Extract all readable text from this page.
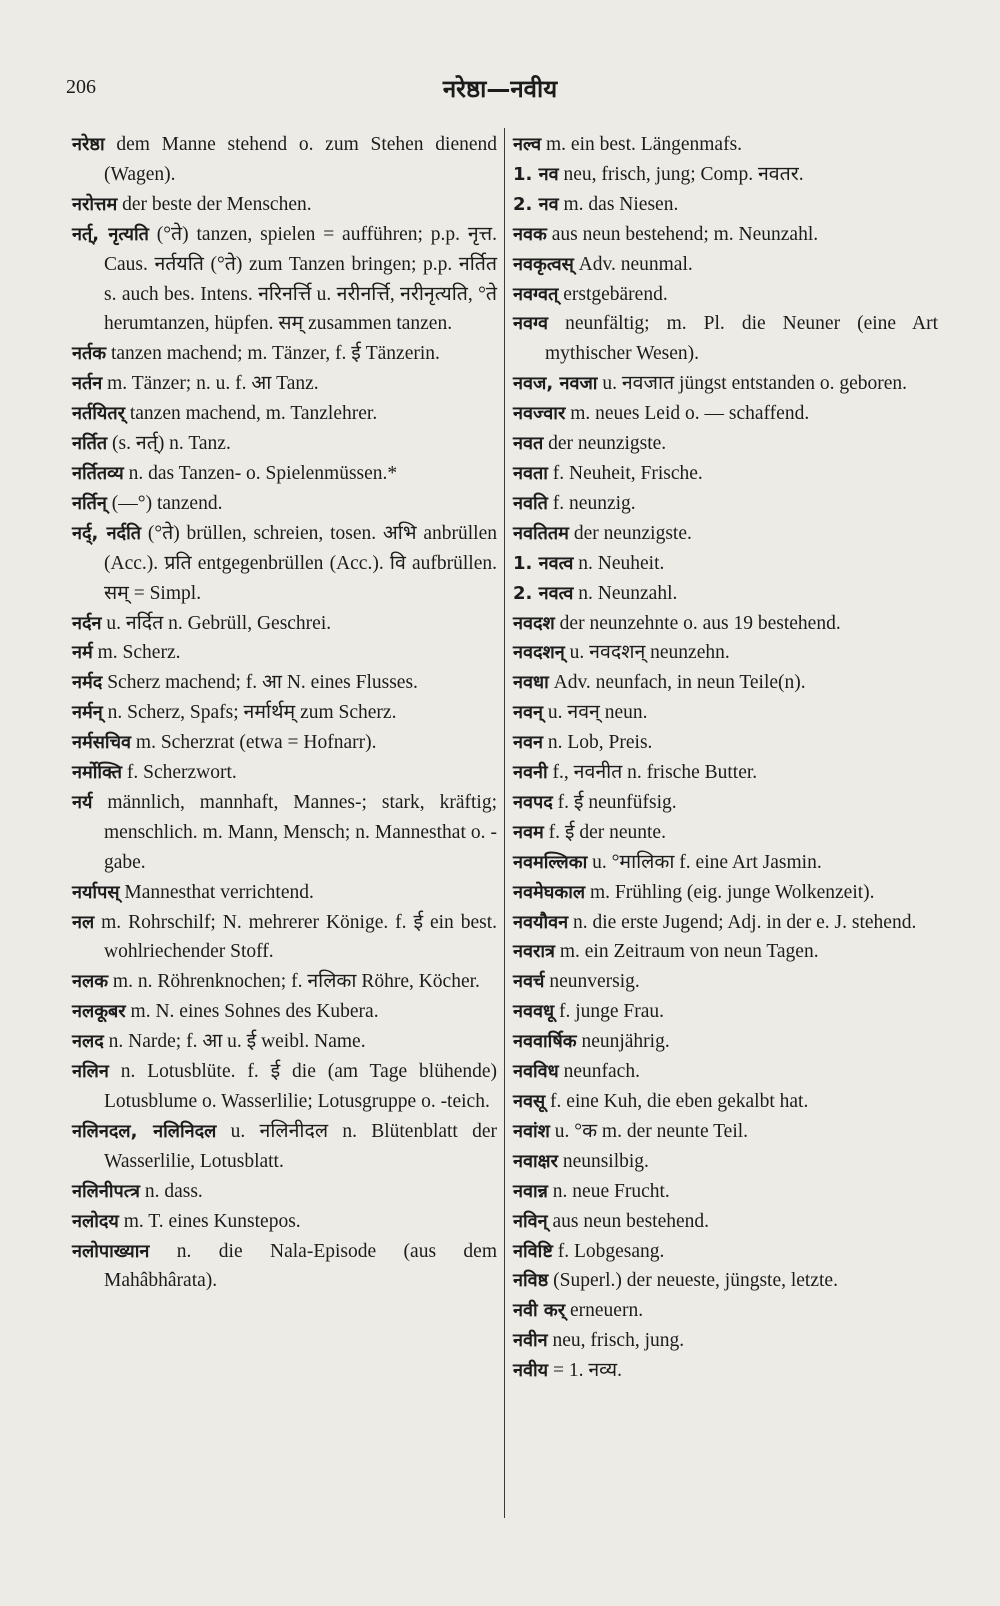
206	नरेष्ठा—नवीय

नरेष्ठा dem Manne stehend o. zum Stehen dienend (Wagen).

नरोत्तम der beste der Menschen.

नर्त्, नृत्यति (°ते) tanzen, spielen = aufführen; p.p. नृत्त. Caus. नर्तयति (°ते) zum Tanzen bringen; p.p. नर्तित s. auch bes. Intens. नरिनर्त्ति u. नरीनर्त्ति, नरीनृत्यति, °ते herumtanzen, hüpfen. सम् zusammen tanzen.

नर्तक tanzen machend; m. Tänzer, f. ई Tänzerin.

नर्तन m. Tänzer; n. u. f. आ Tanz.

नर्तयितर् tanzen machend, m. Tanzlehrer.

नर्तित (s. नर्त्) n. Tanz.

नर्तितव्य n. das Tanzen- o. Spielenmüssen.*

नर्तिन् (—°) tanzend.

नर्द्, नर्दति (°ते) brüllen, schreien, tosen. अभि anbrüllen (Acc.). प्रति entgegenbrüllen (Acc.). वि aufbrüllen. सम् = Simpl.

नर्दन u. नर्दित n. Gebrüll, Geschrei.

नर्म m. Scherz.

नर्मद Scherz machend; f. आ N. eines Flusses.

नर्मन् n. Scherz, Spafs; नर्मार्थम् zum Scherz.

नर्मसचिव m. Scherzrat (etwa = Hofnarr).

नर्मोक्ति f. Scherzwort.

नर्य männlich, mannhaft, Mannes-; stark, kräftig; menschlich. m. Mann, Mensch; n. Mannesthat o. -gabe.

नर्यापस् Mannesthat verrichtend.

नल m. Rohrschilf; N. mehrerer Könige. f. ई ein best. wohlriechender Stoff.

नलक m. n. Röhrenknochen; f. नलिका Röhre, Köcher.

नलकूबर m. N. eines Sohnes des Kubera.

नलद n. Narde; f. आ u. ई weibl. Name.

नलिन n. Lotusblüte. f. ई die (am Tage blühende) Lotusblume o. Wasserlilie; Lotusgruppe o. -teich.

नलिनदल, नलिनिदल u. नलिनीदल n. Blütenblatt der Wasserlilie, Lotusblatt.

नलिनीपत्त्र n. dass.

नलोदय m. T. eines Kunstepos.

नलोपाख्यान n. die Nala-Episode (aus dem Mahâbhârata).

नल्व m. ein best. Längenmafs.

1. नव neu, frisch, jung; Comp. नवतर.

2. नव m. das Niesen.

नवक aus neun bestehend; m. Neunzahl.

नवकृत्वस् Adv. neunmal.

नवग्वत् erstgebärend.

नवग्व neunfältig; m. Pl. die Neuner (eine Art mythischer Wesen).

नवज, नवजा u. नवजात jüngst entstanden o. geboren.

नवज्वार m. neues Leid o. — schaffend.

नवत der neunzigste.

नवता f. Neuheit, Frische.

नवति f. neunzig.

नवतितम der neunzigste.

1. नवत्व n. Neuheit.

2. नवत्व n. Neunzahl.

नवदश der neunzehnte o. aus 19 bestehend.

नवदशन् u. नवदशन् neunzehn.

नवधा Adv. neunfach, in neun Teile(n).

नवन् u. नवन् neun.

नवन n. Lob, Preis.

नवनी f., नवनीत n. frische Butter.

नवपद f. ई neunfüfsig.

नवम f. ई der neunte.

नवमल्लिका u. °मालिका f. eine Art Jasmin.

नवमेघकाल m. Frühling (eig. junge Wolkenzeit).

नवयौवन n. die erste Jugend; Adj. in der e. J. stehend.

नवरात्र m. ein Zeitraum von neun Tagen.

नवर्च neunversig.

नववधू f. junge Frau.

नववार्षिक neunjährig.

नवविध neunfach.

नवसू f. eine Kuh, die eben gekalbt hat.

नवांश u. °क m. der neunte Teil.

नवाक्षर neunsilbig.

नवान्न n. neue Frucht.

नविन् aus neun bestehend.

नविष्टि f. Lobgesang.

नविष्ठ (Superl.) der neueste, jüngste, letzte.

नवी कर् erneuern.

नवीन neu, frisch, jung.

नवीय = 1. नव्य.
